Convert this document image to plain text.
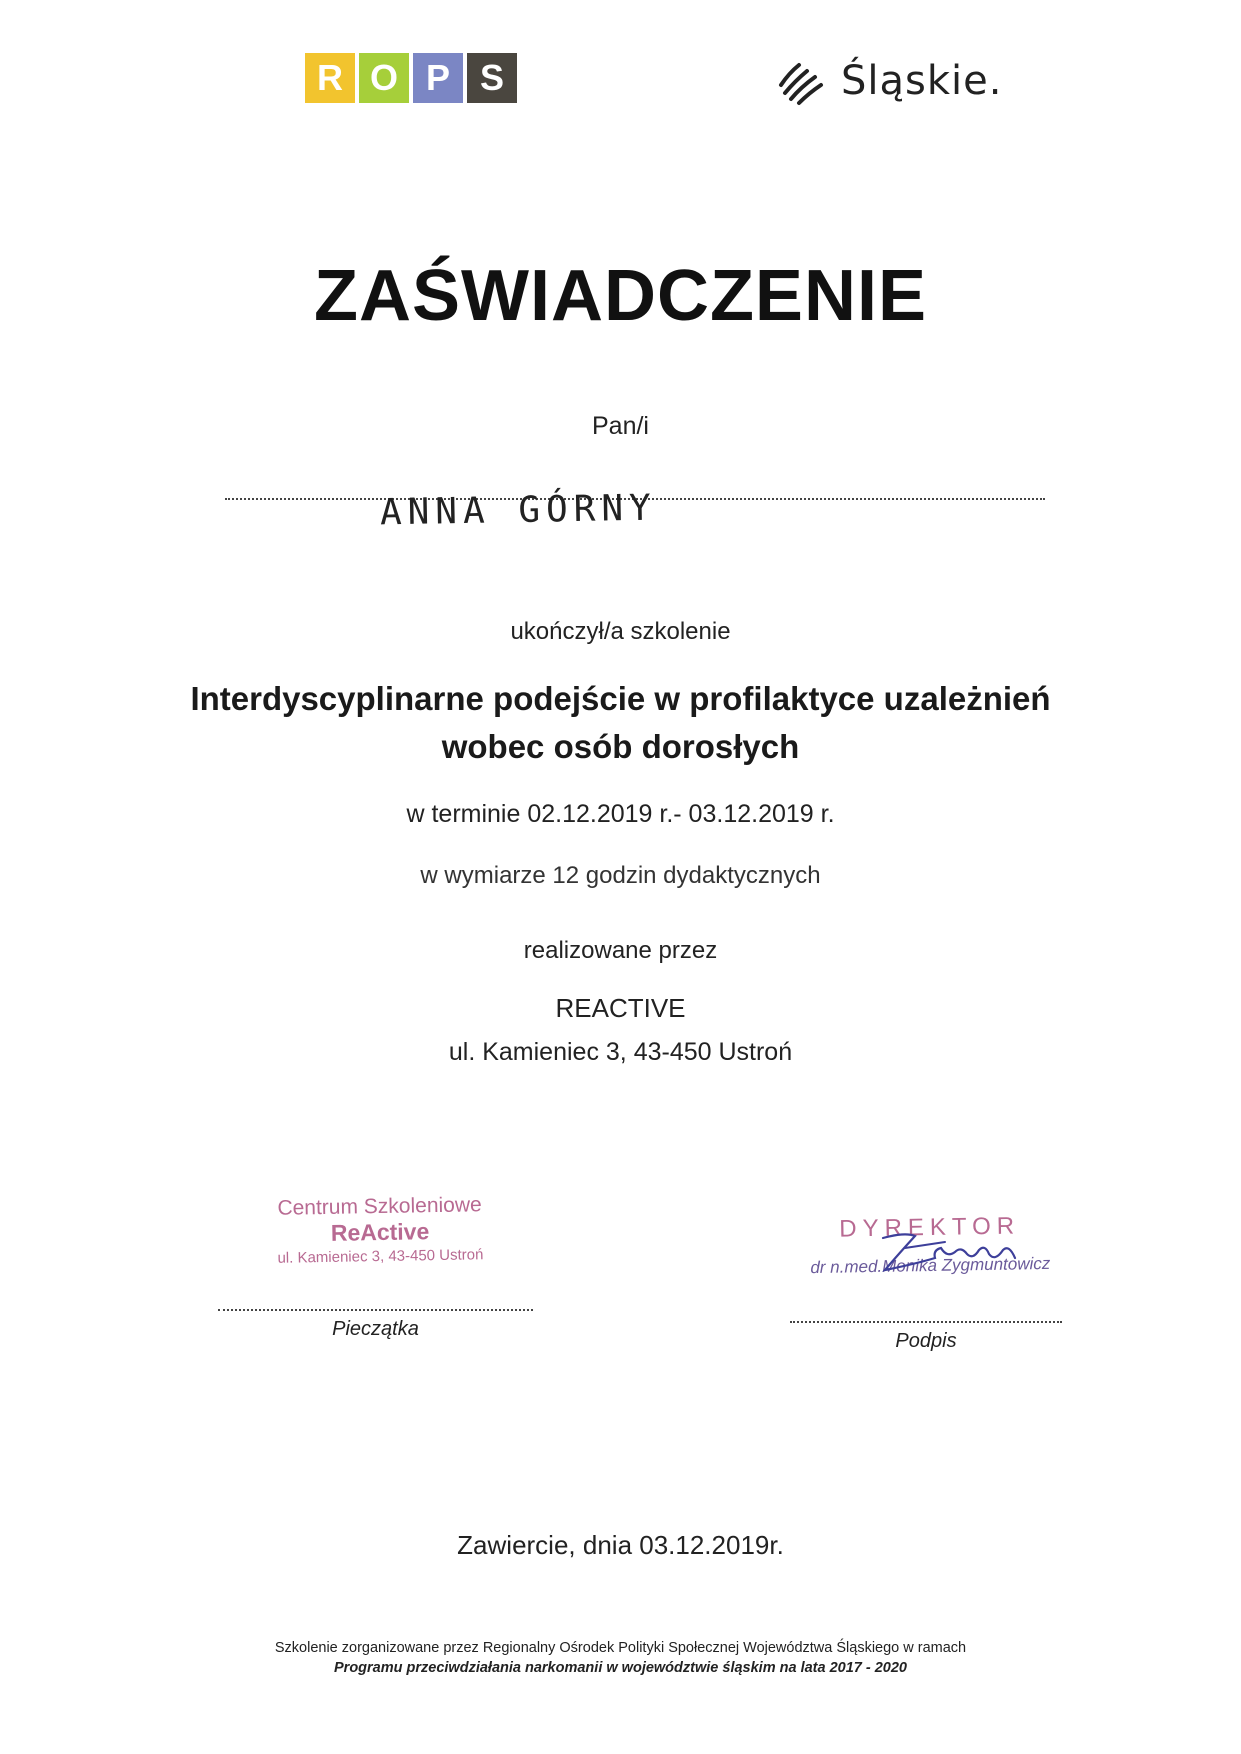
R O P S	Śląskie.
ZAŚWIADCZENIE
Pan/i
ANNA GÓRNY
ukończył/a szkolenie
Interdyscyplinarne podejście w profilaktyce uzależnień
wobec osób dorosłych
w terminie 02.12.2019 r.- 03.12.2019 r.
w wymiarze 12 godzin dydaktycznych
realizowane przez
REACTIVE
ul. Kamieniec 3, 43-450 Ustroń
Centrum Szkoleniowe
ReActive
ul. Kamieniec 3, 43-450 Ustroń
Pieczątka
DYREKTOR
dr n.med.Monika Zygmuntowicz
Podpis
Zawiercie, dnia 03.12.2019r.
Szkolenie zorganizowane przez Regionalny Ośrodek Polityki Społecznej Województwa Śląskiego w ramach
Programu przeciwdziałania narkomanii w województwie śląskim na lata 2017 - 2020
